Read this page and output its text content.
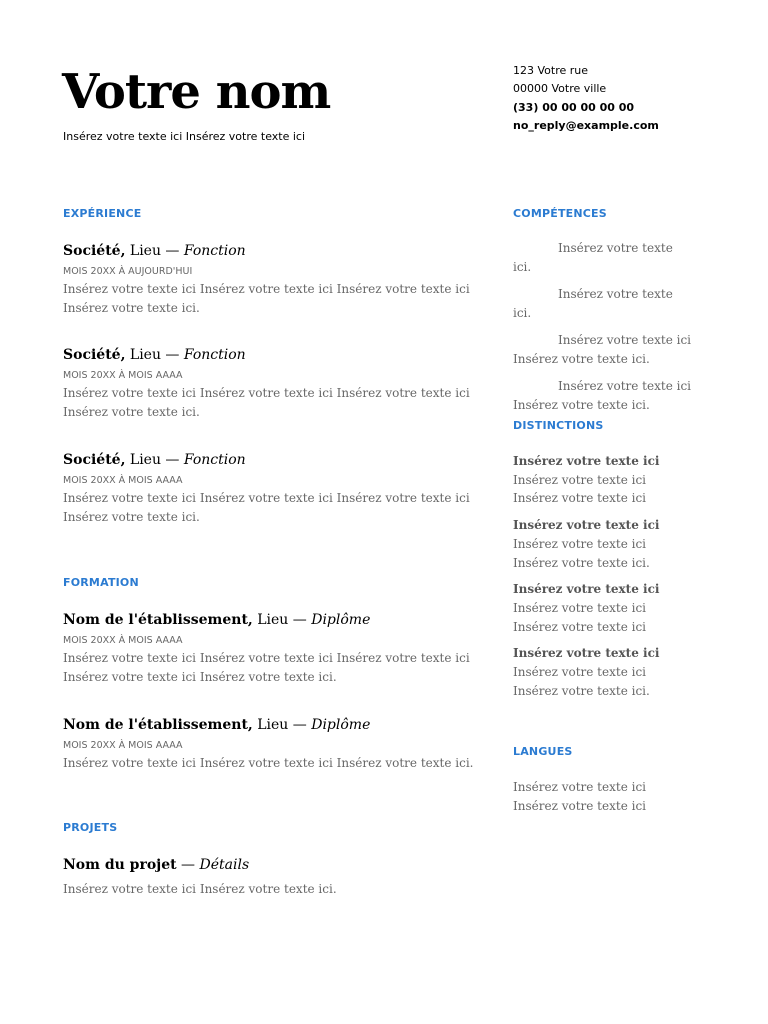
Votre nom
Insérez votre texte ici Insérez votre texte ici
123 Votre rue
00000 Votre ville
(33) 00 00 00 00 00
no_reply@example.com
EXPÉRIENCE
Société, Lieu — Fonction
MOIS 20XX À AUJOURD'HUI
Insérez votre texte ici Insérez votre texte ici Insérez votre texte ici Insérez votre texte ici.
Société, Lieu — Fonction
MOIS 20XX À MOIS AAAA
Insérez votre texte ici Insérez votre texte ici Insérez votre texte ici Insérez votre texte ici.
Société, Lieu — Fonction
MOIS 20XX À MOIS AAAA
Insérez votre texte ici Insérez votre texte ici Insérez votre texte ici Insérez votre texte ici.
FORMATION
Nom de l'établissement, Lieu — Diplôme
MOIS 20XX À MOIS AAAA
Insérez votre texte ici Insérez votre texte ici Insérez votre texte ici Insérez votre texte ici Insérez votre texte ici.
Nom de l'établissement, Lieu — Diplôme
MOIS 20XX À MOIS AAAA
Insérez votre texte ici Insérez votre texte ici Insérez votre texte ici.
PROJETS
Nom du projet — Détails
Insérez votre texte ici Insérez votre texte ici.
COMPÉTENCES
Insérez votre texte ici.
Insérez votre texte ici.
Insérez votre texte ici Insérez votre texte ici.
Insérez votre texte ici Insérez votre texte ici.
DISTINCTIONS
Insérez votre texte ici Insérez votre texte ici Insérez votre texte ici
Insérez votre texte ici Insérez votre texte ici Insérez votre texte ici.
Insérez votre texte ici Insérez votre texte ici Insérez votre texte ici
Insérez votre texte ici Insérez votre texte ici Insérez votre texte ici.
LANGUES
Insérez votre texte ici Insérez votre texte ici
